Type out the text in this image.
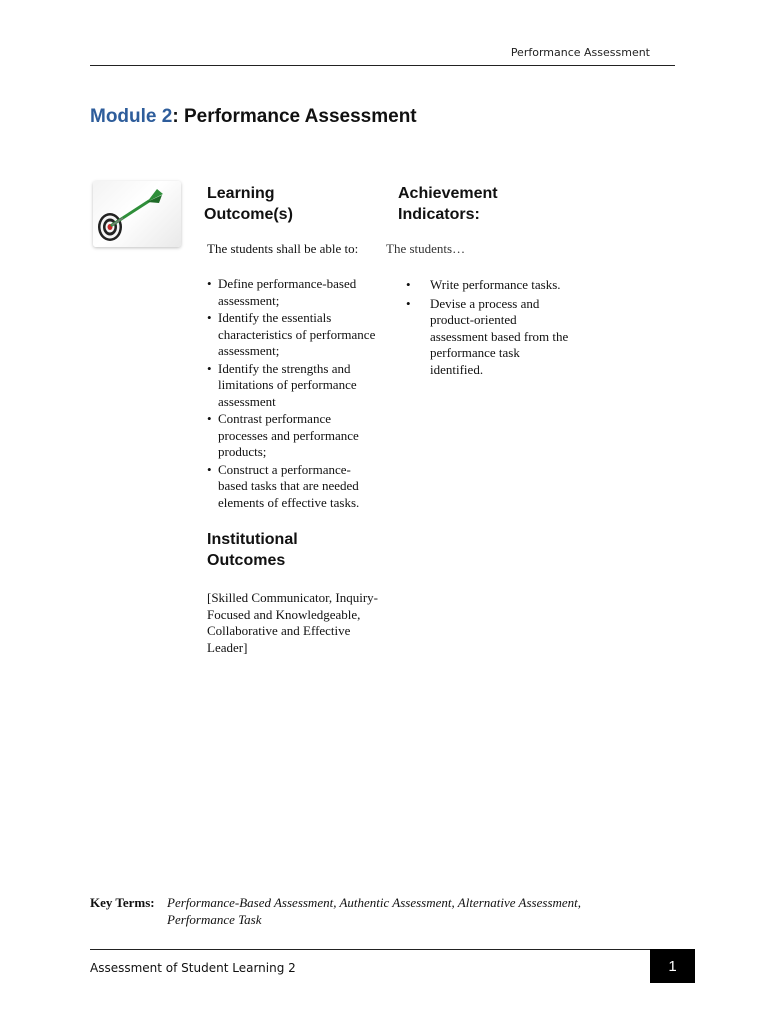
Performance Assessment
Module 2: Performance Assessment
Learning
Outcome(s)
Achievement
Indicators:

The students shall be able to: The students…

• Define performance-based assessment;
• Identify the essentials characteristics of performance assessment;
• Identify the strengths and limitations of performance assessment
• Contrast performance processes and performance products;
• Construct a performance-based tasks that are needed elements of effective tasks.
• Write performance tasks.
• Devise a process and product-oriented assessment based from the performance task identified.
Institutional
Outcomes

[Skilled Communicator, Inquiry-Focused and Knowledgeable, Collaborative and Effective Leader]

Key Terms: Performance-Based Assessment, Authentic Assessment, Alternative Assessment, Performance Task
Assessment of Student Learning 2	1
